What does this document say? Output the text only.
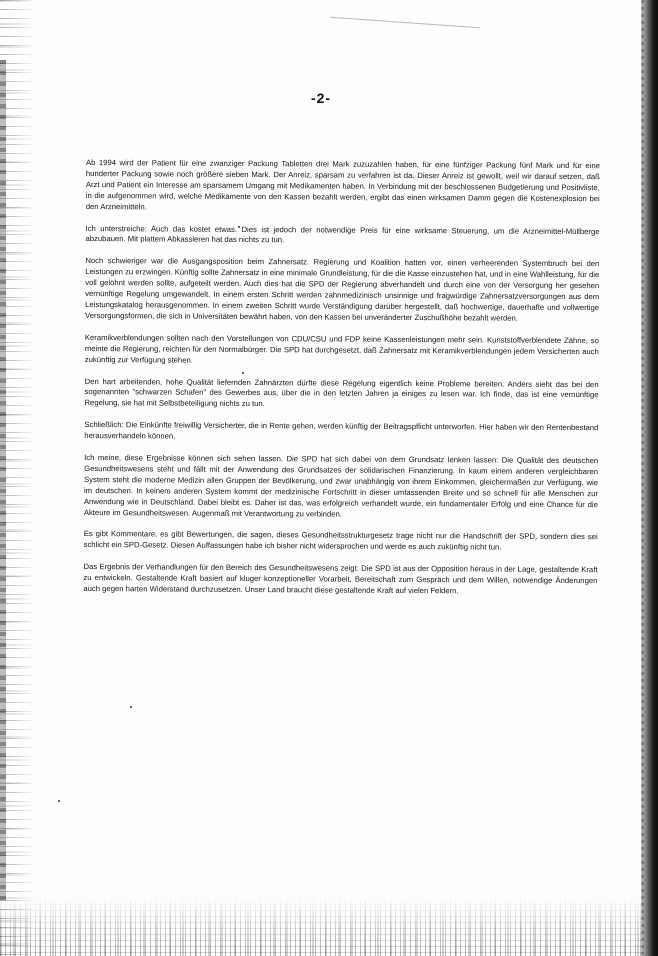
-2-

Ab 1994 wird der Patient für eine zwanziger Packung Tabletten drei Mark zuzuzahlen haben, für eine fünfziger Packung fünf Mark und für eine hunderter Packung sowie noch größere sieben Mark. Der Anreiz, sparsam zu verfahren ist da. Dieser Anreiz ist gewollt, weil wir darauf setzen, daß Arzt und Patient ein Interesse am sparsamem Umgang mit Medikamenten haben. In Verbindung mit der beschlossenen Budgetierung und Positivliste, in die aufgenommen wird, welche Medikamente von den Kassen bezahlt werden, ergibt das einen wirksamen Damm gegen die Kostenexplosion bei den Arzneimitteln.

Ich unterstreiche: Auch das kostet etwas. Dies ist jedoch der notwendige Preis für eine wirksame Steuerung, um die Arzneimittel-Müllberge abzubauen. Mit plattem Abkassieren hat das nichts zu tun.

Noch schwieriger war die Ausgangsposition beim Zahnersatz. Regierung und Koalition hatten vor, einen verheerenden Systembruch bei den Leistungen zu erzwingen. Künftig sollte Zahnersatz in eine minimale Grundleistung, für die die Kasse einzustehen hat, und in eine Wahlleistung, für die voll gelöhnt werden sollte, aufgeteilt werden. Auch dies hat die SPD der Regierung abverhandelt und durch eine von der Versorgung her gesehen vernünftige Regelung umgewandelt. In einem ersten Schritt werden zahnmedizinisch unsinnige und fragwürdige Zahnersatzversorgungen aus dem Leistungskatalog herausgenommen. In einem zweiten Schritt wurde Verständigung darüber hergestellt, daß hochwertige, dauerhafte und vollwertige Versorgungsformen, die sich in Universitäten bewährt haben, von den Kassen bei unveränderter Zuschußhöhe bezahlt werden.

Keramikverblendungen sollten nach den Vorstellungen von CDU/CSU und FDP keine Kassenleistungen mehr sein. Kunststoffverblendete Zähne, so meinte die Regierung, reichten für den Normalbürger. Die SPD hat durchgesetzt, daß Zahnersatz mit Keramikverblendungen jedem Versicherten auch zukünftig zur Verfügung stehen.

Den hart arbeitenden, hohe Qualität liefernden Zahnärzten dürfte diese Regelung eigentlich keine Probleme bereiten. Anders sieht das bei den sogenannten "schwarzen Schafen" des Gewerbes aus, über die in den letzten Jahren ja einiges zu lesen war. Ich finde, das ist eine vernünftige Regelung, sie hat mit Selbstbeteiligung nichts zu tun.

Schließlich: Die Einkünfte freiwillig Versicherter, die in Rente gehen, werden künftig der Beitragspflicht unterworfen. Hier haben wir den Rentenbestand herausverhandeln können.

Ich meine, diese Ergebnisse können sich sehen lassen. Die SPD hat sich dabei von dem Grundsatz lenken lassen: Die Qualität des deutschen Gesundheitswesens steht und fällt mit der Anwendung des Grundsatzes der solidarischen Finanzierung. In kaum einem anderen vergleichbaren System steht die moderne Medizin allen Gruppen der Bevölkerung, und zwar unabhängig von ihrem Einkommen, gleichermaßen zur Verfügung, wie im deutschen. In keinem anderen System kommt der medizinische Fortschritt in dieser umfassenden Breite und so schnell für alle Menschen zur Anwendung wie in Deutschland. Dabei bleibt es. Daher ist das, was erfolgreich verhandelt wurde, ein fundamentaler Erfolg und eine Chance für die Akteure im Gesundheitswesen. Augenmaß mit Verantwortung zu verbinden.

Es gibt Kommentare, es gibt Bewertungen, die sagen, dieses Gesundheitsstrukturgesetz trage nicht nur die Handschrift der SPD, sondern dies sei schlicht ein SPD-Gesetz. Diesen Auffassungen habe ich bisher nicht widersprochen und werde es auch zukünftig nicht tun.

Das Ergebnis der Verhandlungen für den Bereich des Gesundheitswesens zeigt: Die SPD ist aus der Opposition heraus in der Lage, gestaltende Kraft zu entwickeln. Gestaltende Kraft basiert auf kluger konzeptioneller Vorarbeit, Bereitschaft zum Gespräch und dem Willen, notwendige Änderungen auch gegen harten Widerstand durchzusetzen. Unser Land braucht diese gestaltende Kraft auf vielen Feldern.
